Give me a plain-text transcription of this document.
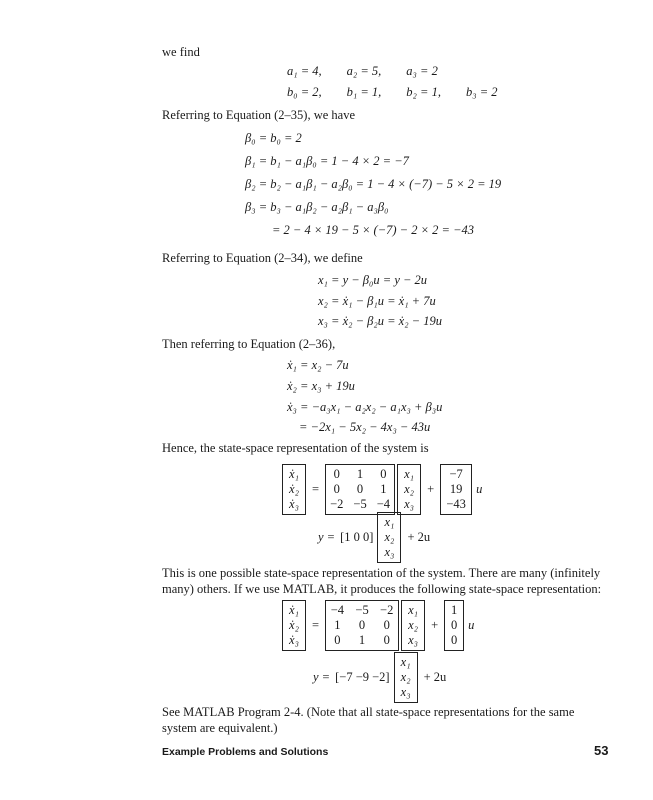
we find
a₁ = 4,        a₂ = 5,        a₃ = 2
b₀ = 2,        b₁ = 1,        b₂ = 1,        b₃ = 2
Referring to Equation (2–35), we have
β₀ = b₀ = 2
β₁ = b₁ − a₁β₀ = 1 − 4 × 2 = −7
β₂ = b₂ − a₁β₁ − a₂β₀ = 1 − 4 × (−7) − 5 × 2 = 19
β₃ = b₃ − a₁β₂ − a₂β₁ − a₃β₀
= 2 − 4 × 19 − 5 × (−7) − 2 × 2 = −43
Referring to Equation (2–34), we define
x₁ = y − β₀u = y − 2u
x₂ = ẋ₁ − β₁u = ẋ₁ + 7u
x₃ = ẋ₂ − β₂u = ẋ₂ − 19u
Then referring to Equation (2–36),
ẋ₁ = x₂ − 7u
ẋ₂ = x₃ + 19u
ẋ₃ = −a₃x₁ − a₂x₂ − a₁x₃ + β₃u
= −2x₁ − 5x₂ − 4x₃ − 43u
Hence, the state-space representation of the system is
ẋ₁
ẋ₂
ẋ₃
=
0 1 0
0 0 1
−2 −5 −4
x₁
x₂
x₃
+
−7
19
−43
u
y = [1 0 0]
x₁
x₂
x₃
+ 2u
This is one possible state-space representation of the system. There are many (infinitely many) others. If we use MATLAB, it produces the following state-space representation:
ẋ₁
ẋ₂
ẋ₃
=
−4 −5 −2
1 0 0
0 1 0
x₁
x₂
x₃
+
1
0
0
u
y = [−7 −9 −2]
x₁
x₂
x₃
+ 2u
See MATLAB Program 2-4. (Note that all state-space representations for the same system are equivalent.)
Example Problems and Solutions	53
